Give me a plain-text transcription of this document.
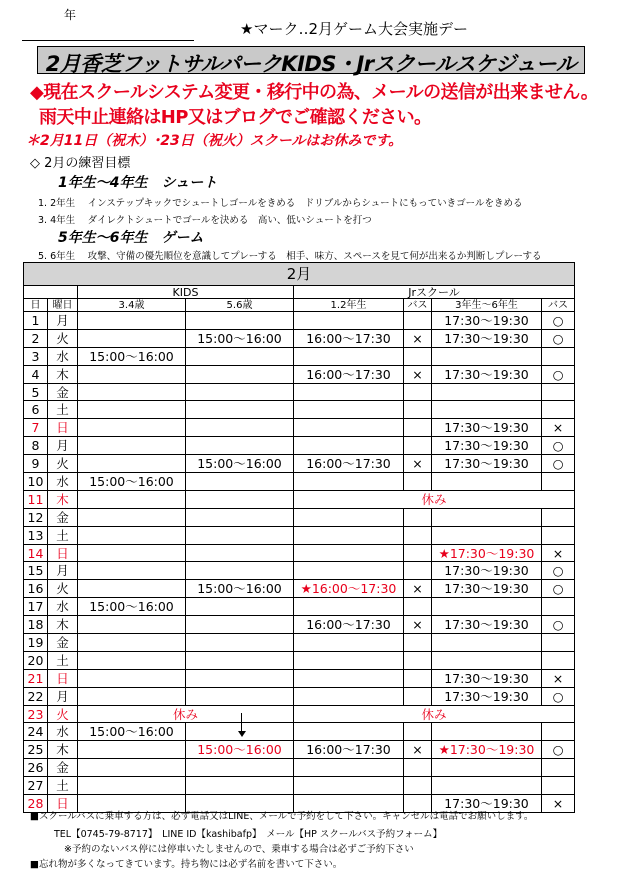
年
★マーク‥2月ゲーム大会実施デー
2月香芝フットサルパークKIDS・Jrスクールスケジュール
◆現在スクールシステム変更・移行中の為、メールの送信が出来ません。
雨天中止連絡はHP又はブログでご確認ください。
＊2月11日（祝木）･23日（祝火）スクールはお休みです。
◇ 2月の練習目標
1年生～4年生　シュート
1. 2年生　 インステップキックでシュートしゴールをきめる　ドリブルからシュートにもっていきゴールをきめる
3. 4年生　 ダイレクトシュートでゴールを決める　高い、低いシュートを打つ
5年生～6年生　ゲーム
5. 6年生　 攻撃、守備の優先順位を意識してプレーする　相手、味方、スペースを見て何が出来るか判断しプレーする
2月							
		KIDS		Jrスクール			
日	曜日	3.4歳	5.6歳	1.2年生	バス	3年生～6年生	バス
1	月					17:30～19:30	○
2	火		15:00～16:00	16:00～17:30	×	17:30～19:30	○
3	水	15:00～16:00					
4	木			16:00～17:30	×	17:30～19:30	○
5	金						
6	土						
7	日					17:30～19:30	×
8	月					17:30～19:30	○
9	火		15:00～16:00	16:00～17:30	×	17:30～19:30	○
10	水	15:00～16:00					
11	木			休み			
12	金						
13	土						
14	日					★17:30～19:30	×
15	月					17:30～19:30	○
16	火		15:00～16:00	★16:00～17:30	×	17:30～19:30	○
17	水	15:00～16:00					
18	木			16:00～17:30	×	17:30～19:30	○
19	金						
20	土						
21	日					17:30～19:30	×
22	月					17:30～19:30	○
23	火	休み		休み			
24	水	15:00～16:00					
25	木		15:00～16:00	16:00～17:30	×	★17:30～19:30	○
26	金						
27	土						
28	日					17:30～19:30	×
■スクールバスに乗車する方は、必ず電話又はLINE、メールで予約をして下さい。キャンセルは電話でお願いします。
TEL【0745-79-8717】　LINE ID【kashibafp】　メール【HP スクールバス予約フォーム】
※予約のないバス停には停車いたしませんので、乗車する場合は必ずご予約下さい
■忘れ物が多くなってきています。持ち物には必ず名前を書いて下さい。
